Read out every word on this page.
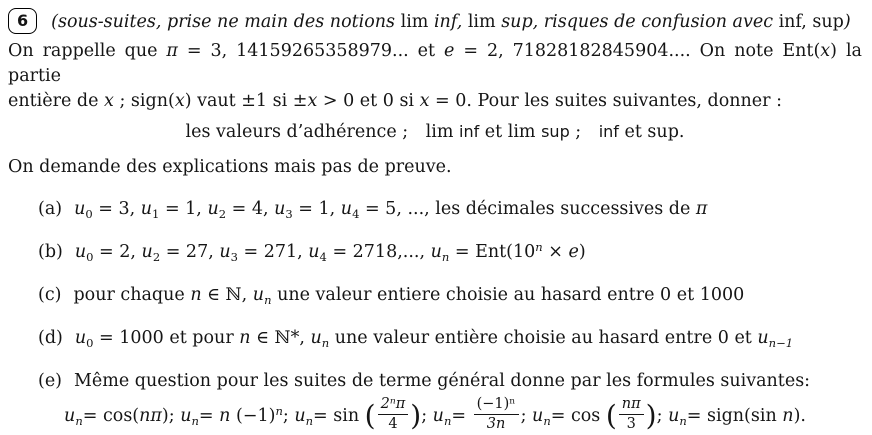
6 (sous-suites, prise ne main des notions lim inf, lim sup, risques de confusion avec inf, sup)
On rappelle que π = 3, 14159265358979... et e = 2, 71828182845904.... On note Ent(x) la partie
entière de x ; sign(x) vaut ±1 si ±x > 0 et 0 si x = 0. Pour les suites suivantes, donner :
les valeurs d’adhérence ;  lim inf et lim sup ;  inf et sup.
On demande des explications mais pas de preuve.
(a) $u_0 = 3$, $u_1 = 1$, $u_2 = 4$, $u_3 = 1$, $u_4 = 5$, ..., les décimales successives de π
(b) $u_0 = 2$, $u_2 = 27$, $u_3 = 271$, $u_4 = 2718$,..., $u_n = Ent(10^n \times e)$
(c) pour chaque n ∈ ℕ, $u_n$ une valeur entiere choisie au hasard entre 0 et 1000
(d) $u_0 = 1000$ et pour n ∈ ℕ*, $u_n$ une valeur entière choisie au hasard entre 0 et $u_{n-1}$
(e) Même question pour les suites de terme général donne par les formules suivantes:
$u_n= \cos(n\pi)$; $u_n= n$ $(-1)^n$; $u_n= \sin$ ( $\frac{\text{2ⁿπ}}{4}$ ); $u_n= \frac{\text{(−1)ⁿ}}{3n}$ ; $u_n= \cos$ ( $\frac{n\pi}{3}$ ); $u_n=$ sign(sin n).
